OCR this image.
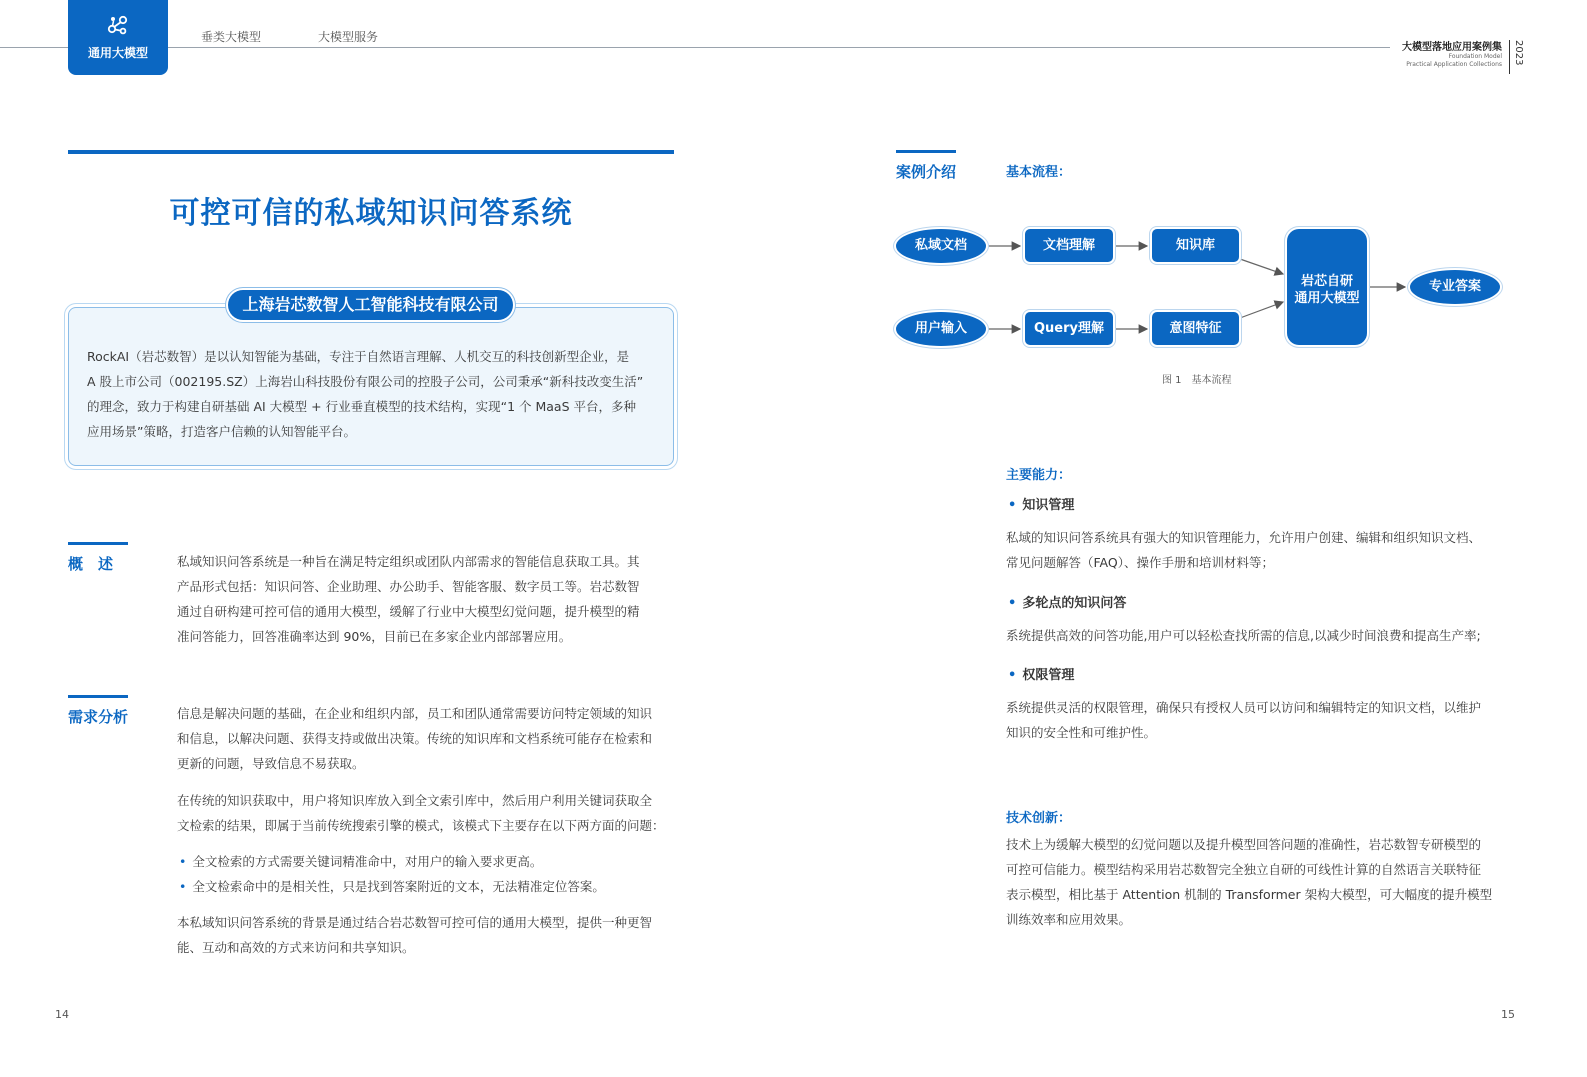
通用大模型
垂类大模型	大模型服务
大模型落地应用案例集
Foundation Model
Practical Application Collections 2023
可控可信的私域知识问答系统
上海岩芯数智人工智能科技有限公司
RockAI（岩芯数智）是以认知智能为基础，专注于自然语言理解、人机交互的科技创新型企业，是
A 股上市公司（002195.SZ）上海岩山科技股份有限公司的控股子公司，公司秉承“新科技改变生活”
的理念，致力于构建自研基础 AI 大模型 + 行业垂直模型的技术结构，实现“1 个 MaaS 平台，多种
应用场景”策略，打造客户信赖的认知智能平台。
概　述	私域知识问答系统是一种旨在满足特定组织或团队内部需求的智能信息获取工具。其
产品形式包括：知识问答、企业助理、办公助手、智能客服、数字员工等。岩芯数智
通过自研构建可控可信的通用大模型，缓解了行业中大模型幻觉问题，提升模型的精
准问答能力，回答准确率达到 90%，目前已在多家企业内部部署应用。
需求分析	信息是解决问题的基础，在企业和组织内部，员工和团队通常需要访问特定领域的知识
和信息，以解决问题、获得支持或做出决策。传统的知识库和文档系统可能存在检索和
更新的问题，导致信息不易获取。
在传统的知识获取中，用户将知识库放入到全文索引库中，然后用户利用关键词获取全
文检索的结果，即属于当前传统搜索引擎的模式，该模式下主要存在以下两方面的问题：
• 全文检索的方式需要关键词精准命中，对用户的输入要求更高。
• 全文检索命中的是相关性，只是找到答案附近的文本，无法精准定位答案。
本私域知识问答系统的背景是通过结合岩芯数智可控可信的通用大模型，提供一种更智
能、互动和高效的方式来访问和共享知识。
14
案例介绍	基本流程：
私域文档	文档理解	知识库
用户输入	Query理解	意图特征
岩芯自研
通用大模型
专业答案
图 1　基本流程
主要能力：
• 知识管理
私域的知识问答系统具有强大的知识管理能力，允许用户创建、编辑和组织知识文档、
常见问题解答（FAQ）、操作手册和培训材料等；
• 多轮点的知识问答
系统提供高效的问答功能,用户可以轻松查找所需的信息,以减少时间浪费和提高生产率;
• 权限管理
系统提供灵活的权限管理，确保只有授权人员可以访问和编辑特定的知识文档，以维护
知识的安全性和可维护性。
技术创新：
技术上为缓解大模型的幻觉问题以及提升模型回答问题的准确性，岩芯数智专研模型的
可控可信能力。模型结构采用岩芯数智完全独立自研的可线性计算的自然语言关联特征
表示模型，相比基于 Attention 机制的 Transformer 架构大模型，可大幅度的提升模型
训练效率和应用效果。
15
